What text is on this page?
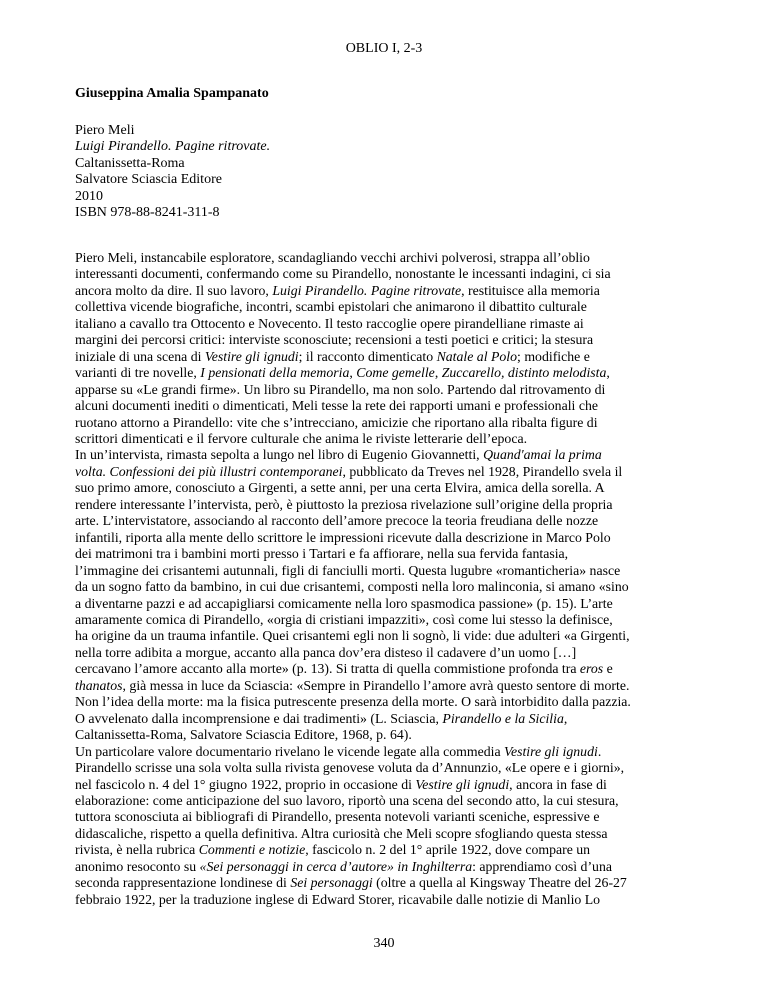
OBLIO I, 2-3
Giuseppina Amalia Spampanato
Piero Meli
Luigi Pirandello. Pagine ritrovate.
Caltanissetta-Roma
Salvatore Sciascia Editore
2010
ISBN 978-88-8241-311-8
Piero Meli, instancabile esploratore, scandagliando vecchi archivi polverosi, strappa all’oblio
interessanti documenti, confermando come su Pirandello, nonostante le incessanti indagini, ci sia
ancora molto da dire. Il suo lavoro, Luigi Pirandello. Pagine ritrovate, restituisce alla memoria
collettiva vicende biografiche, incontri, scambi epistolari che animarono il dibattito culturale
italiano a cavallo tra Ottocento e Novecento. Il testo raccoglie opere pirandelliane rimaste ai
margini dei percorsi critici: interviste sconosciute; recensioni a testi poetici e critici; la stesura
iniziale di una scena di Vestire gli ignudi; il racconto dimenticato Natale al Polo; modifiche e
varianti di tre novelle, I pensionati della memoria, Come gemelle, Zuccarello, distinto melodista,
apparse su «Le grandi firme». Un libro su Pirandello, ma non solo. Partendo dal ritrovamento di
alcuni documenti inediti o dimenticati, Meli tesse la rete dei rapporti umani e professionali che
ruotano attorno a Pirandello: vite che s’intrecciano, amicizie che riportano alla ribalta figure di
scrittori dimenticati e il fervore culturale che anima le riviste letterarie dell’epoca.
In un’intervista, rimasta sepolta a lungo nel libro di Eugenio Giovannetti, Quand'amai la prima
volta. Confessioni dei più illustri contemporanei, pubblicato da Treves nel 1928, Pirandello svela il
suo primo amore, conosciuto a Girgenti, a sette anni, per una certa Elvira, amica della sorella. A
rendere interessante l’intervista, però, è piuttosto la preziosa rivelazione sull’origine della propria
arte. L’intervistatore, associando al racconto dell’amore precoce la teoria freudiana delle nozze
infantili, riporta alla mente dello scrittore le impressioni ricevute dalla descrizione in Marco Polo
dei matrimoni tra i bambini morti presso i Tartari e fa affiorare, nella sua fervida fantasia,
l’immagine dei crisantemi autunnali, figli di fanciulli morti. Questa lugubre «romanticheria» nasce
da un sogno fatto da bambino, in cui due crisantemi, composti nella loro malinconia, si amano «sino
a diventarne pazzi e ad accapigliarsi comicamente nella loro spasmodica passione» (p. 15). L’arte
amaramente comica di Pirandello, «orgia di cristiani impazziti», così come lui stesso la definisce,
ha origine da un trauma infantile. Quei crisantemi egli non li sognò, li vide: due adulteri «a Girgenti,
nella torre adibita a morgue, accanto alla panca dov’era disteso il cadavere d’un uomo […]
cercavano l’amore accanto alla morte» (p. 13). Si tratta di quella commistione profonda tra eros e
thanatos, già messa in luce da Sciascia: «Sempre in Pirandello l’amore avrà questo sentore di morte.
Non l’idea della morte: ma la fisica putrescente presenza della morte. O sarà intorbidito dalla pazzia.
O avvelenato dalla incomprensione e dai tradimenti» (L. Sciascia, Pirandello e la Sicilia,
Caltanissetta-Roma, Salvatore Sciascia Editore, 1968, p. 64).
Un particolare valore documentario rivelano le vicende legate alla commedia Vestire gli ignudi.
Pirandello scrisse una sola volta sulla rivista genovese voluta da d’Annunzio, «Le opere e i giorni»,
nel fascicolo n. 4 del 1° giugno 1922, proprio in occasione di Vestire gli ignudi, ancora in fase di
elaborazione: come anticipazione del suo lavoro, riportò una scena del secondo atto, la cui stesura,
tuttora sconosciuta ai bibliografi di Pirandello, presenta notevoli varianti sceniche, espressive e
didascaliche, rispetto a quella definitiva. Altra curiosità che Meli scopre sfogliando questa stessa
rivista, è nella rubrica Commenti e notizie, fascicolo n. 2 del 1° aprile 1922, dove compare un
anonimo resoconto su «Sei personaggi in cerca d’autore» in Inghilterra: apprendiamo così d’una
seconda rappresentazione londinese di Sei personaggi (oltre a quella al Kingsway Theatre del 26-27
febbraio 1922, per la traduzione inglese di Edward Storer, ricavabile dalle notizie di Manlio Lo
340
